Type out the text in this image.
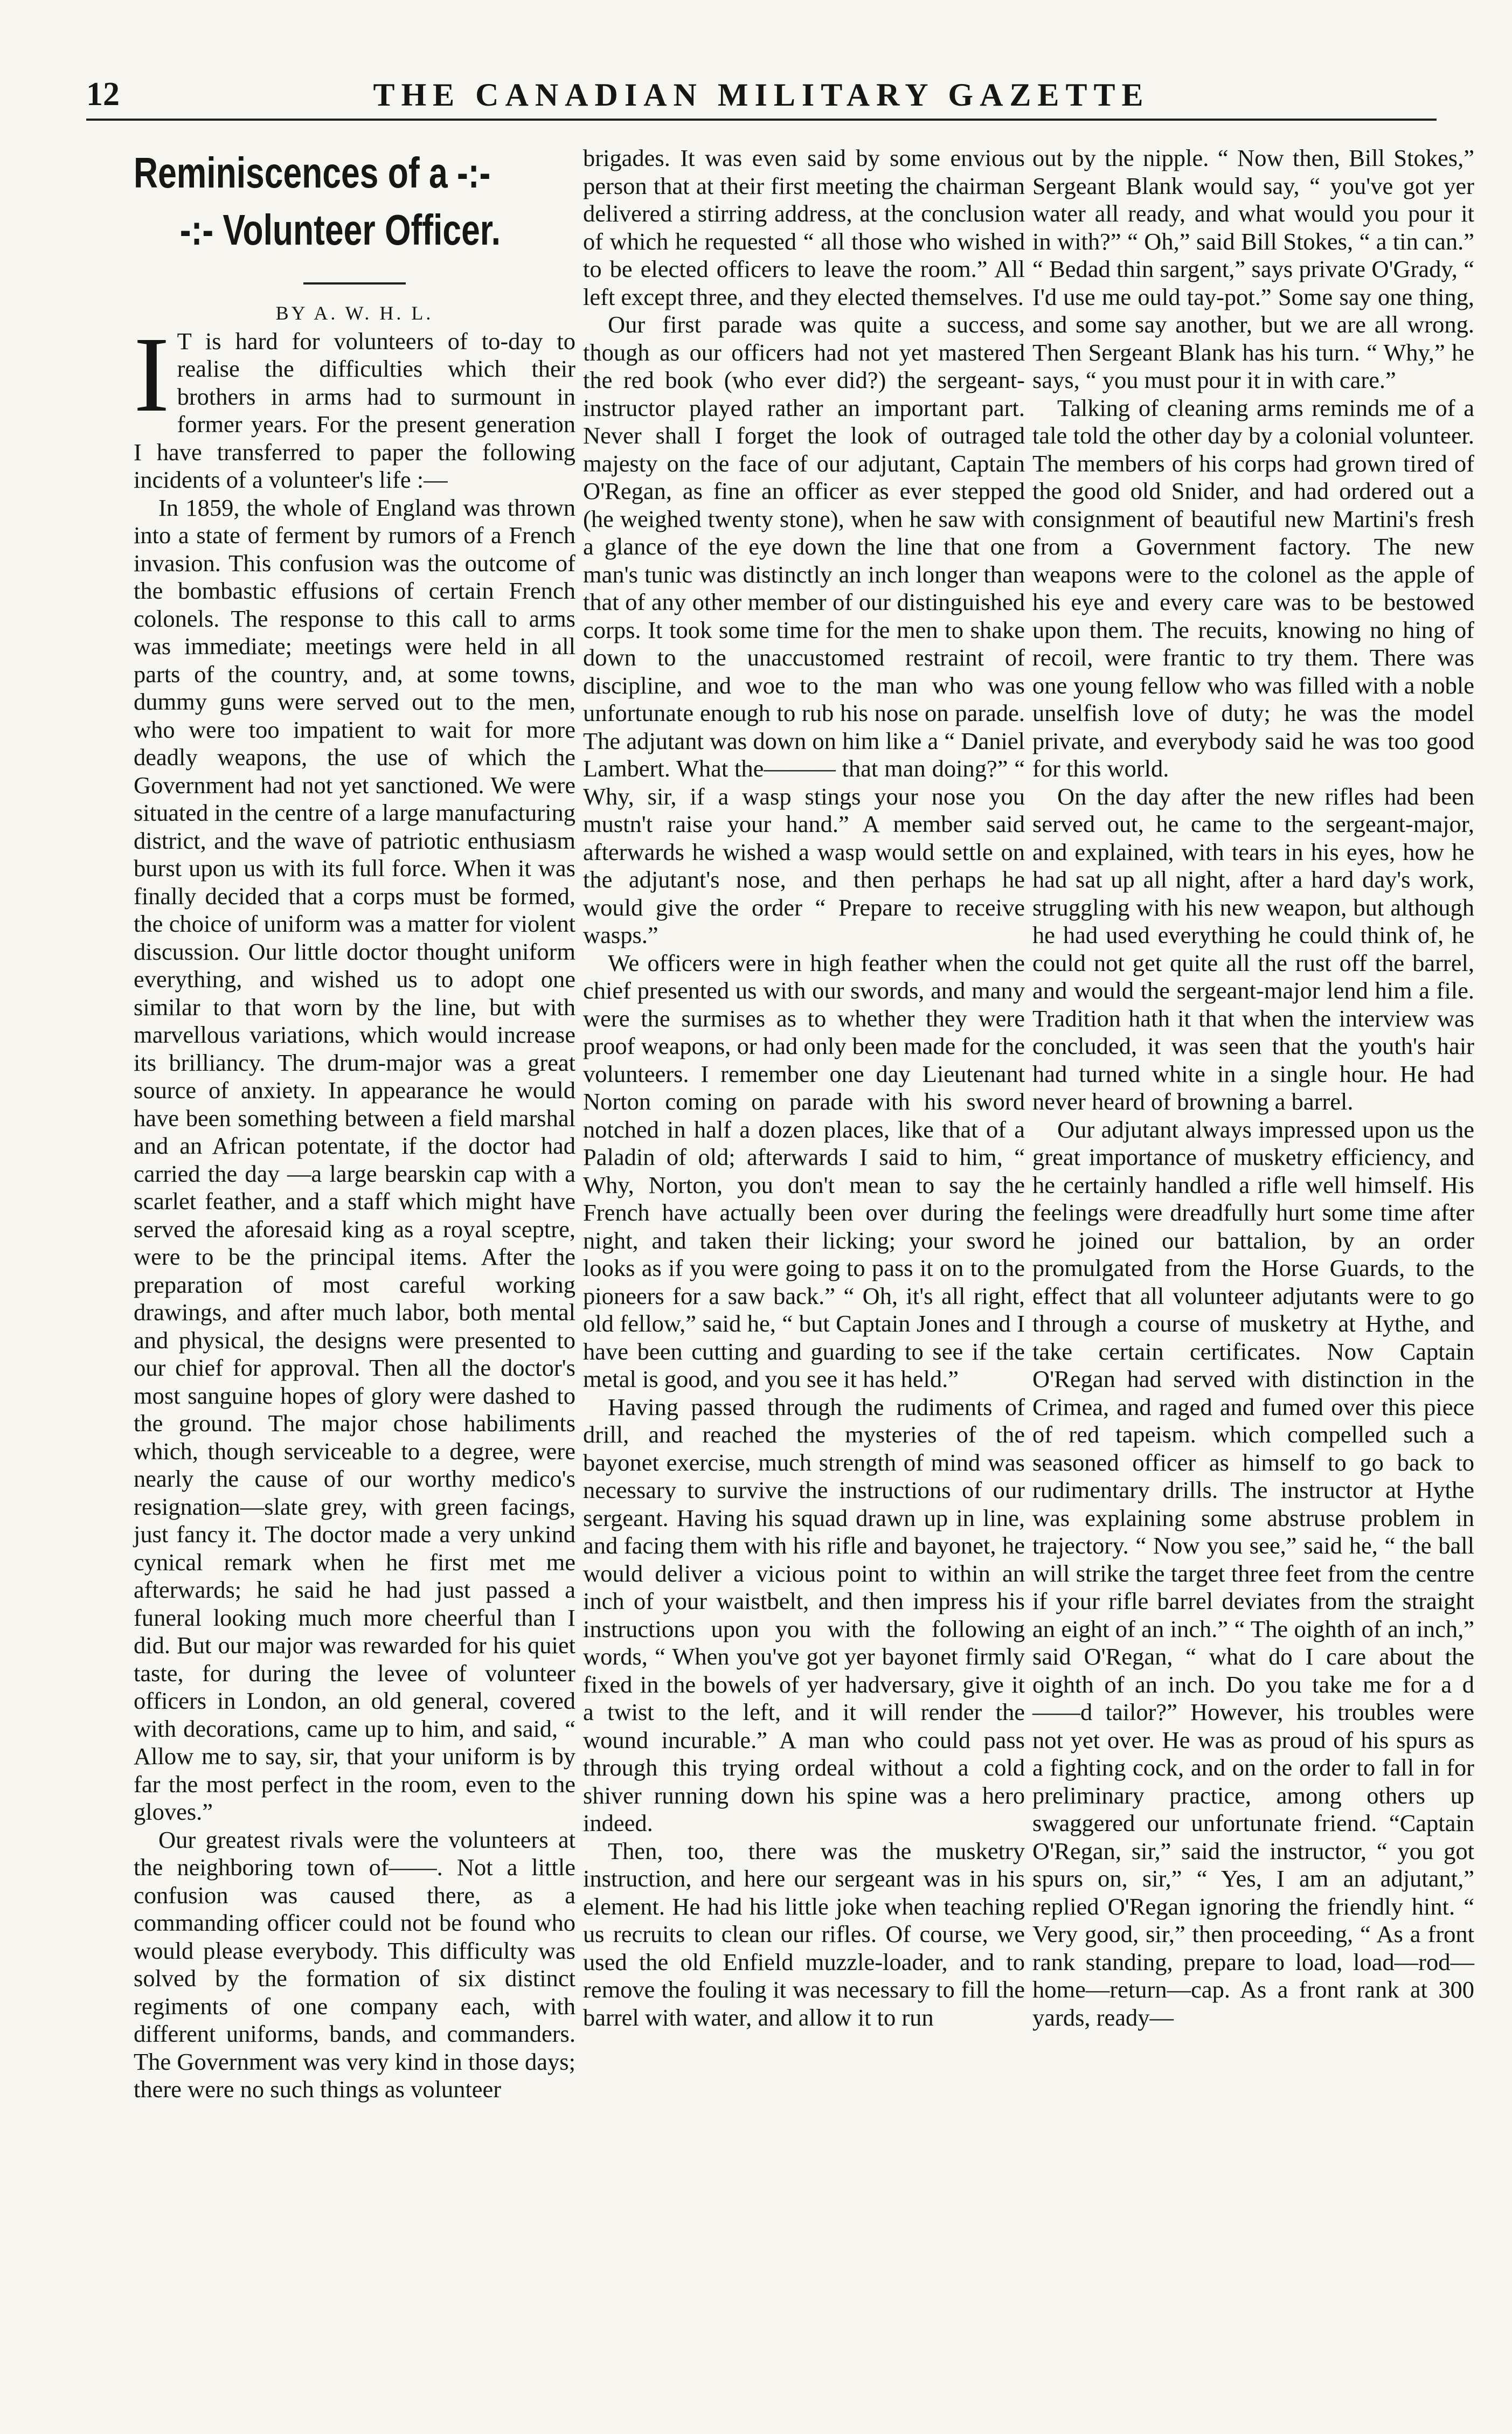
12	THE CANADIAN MILITARY GAZETTE
Reminiscences of a -:-
-:- Volunteer Officer.

BY A. W. H. L.

I T is hard for volunteers of to-day to realise the difficulties which their brothers in arms had to surmount in former years. For the present generation I have transferred to paper the following incidents of a volunteer's life :—

In 1859, the whole of England was thrown into a state of ferment by rumors of a French invasion. This confusion was the outcome of the bombastic effusions of certain French colonels. The response to this call to arms was immediate; meetings were held in all parts of the country, and, at some towns, dummy guns were served out to the men, who were too impatient to wait for more deadly weapons, the use of which the Government had not yet sanctioned. We were situated in the centre of a large manufacturing district, and the wave of patriotic enthusiasm burst upon us with its full force. When it was finally decided that a corps must be formed, the choice of uniform was a matter for violent discussion. Our little doctor thought uniform everything, and wished us to adopt one similar to that worn by the line, but with marvellous variations, which would increase its brilliancy. The drum-major was a great source of anxiety. In appearance he would have been something between a field marshal and an African potentate, if the doctor had carried the day —a large bearskin cap with a scarlet feather, and a staff which might have served the aforesaid king as a royal sceptre, were to be the principal items. After the preparation of most careful working drawings, and after much labor, both mental and physical, the designs were presented to our chief for approval. Then all the doctor's most sanguine hopes of glory were dashed to the ground. The major chose habiliments which, though serviceable to a degree, were nearly the cause of our worthy medico's resignation—slate grey, with green facings, just fancy it. The doctor made a very unkind cynical remark when he first met me afterwards; he said he had just passed a funeral looking much more cheerful than I did. But our major was rewarded for his quiet taste, for during the levee of volunteer officers in London, an old general, covered with decorations, came up to him, and said, “ Allow me to say, sir, that your uniform is by far the most perfect in the room, even to the gloves.”

Our greatest rivals were the volunteers at the neighboring town of——. Not a little confusion was caused there, as a commanding officer could not be found who would please everybody. This difficulty was solved by the formation of six distinct regiments of one company each, with different uniforms, bands, and commanders. The Government was very kind in those days; there were no such things as volunteer

brigades. It was even said by some envious person that at their first meeting the chairman delivered a stirring address, at the conclusion of which he requested “ all those who wished to be elected officers to leave the room.” All left except three, and they elected themselves.

Our first parade was quite a success, though as our officers had not yet mastered the red book (who ever did?) the sergeant-instructor played rather an important part. Never shall I forget the look of outraged majesty on the face of our adjutant, Captain O'Regan, as fine an officer as ever stepped (he weighed twenty stone), when he saw with a glance of the eye down the line that one man's tunic was distinctly an inch longer than that of any other member of our distinguished corps. It took some time for the men to shake down to the unaccustomed restraint of discipline, and woe to the man who was unfortunate enough to rub his nose on parade. The adjutant was down on him like a “ Daniel Lambert. What the——— that man doing?” “ Why, sir, if a wasp stings your nose you mustn't raise your hand.” A member said afterwards he wished a wasp would settle on the adjutant's nose, and then perhaps he would give the order “ Prepare to receive wasps.”

We officers were in high feather when the chief presented us with our swords, and many were the surmises as to whether they were proof weapons, or had only been made for the volunteers. I remember one day Lieutenant Norton coming on parade with his sword notched in half a dozen places, like that of a Paladin of old; afterwards I said to him, “ Why, Norton, you don't mean to say the French have actually been over during the night, and taken their licking; your sword looks as if you were going to pass it on to the pioneers for a saw back.” “ Oh, it's all right, old fellow,” said he, “ but Captain Jones and I have been cutting and guarding to see if the metal is good, and you see it has held.”

Having passed through the rudiments of drill, and reached the mysteries of the bayonet exercise, much strength of mind was necessary to survive the instructions of our sergeant. Having his squad drawn up in line, and facing them with his rifle and bayonet, he would deliver a vicious point to within an inch of your waistbelt, and then impress his instructions upon you with the following words, “ When you've got yer bayonet firmly fixed in the bowels of yer hadversary, give it a twist to the left, and it will render the wound incurable.” A man who could pass through this trying ordeal without a cold shiver running down his spine was a hero indeed.

Then, too, there was the musketry instruction, and here our sergeant was in his element. He had his little joke when teaching us recruits to clean our rifles. Of course, we used the old Enfield muzzle-loader, and to remove the fouling it was necessary to fill the barrel with water, and allow it to run

out by the nipple. “ Now then, Bill Stokes,” Sergeant Blank would say, “ you've got yer water all ready, and what would you pour it in with?” “ Oh,” said Bill Stokes, “ a tin can.” “ Bedad thin sargent,” says private O'Grady, “ I'd use me ould tay-pot.” Some say one thing, and some say another, but we are all wrong. Then Sergeant Blank has his turn. “ Why,” he says, “ you must pour it in with care.”

Talking of cleaning arms reminds me of a tale told the other day by a colonial volunteer. The members of his corps had grown tired of the good old Snider, and had ordered out a consignment of beautiful new Martini's fresh from a Government factory. The new weapons were to the colonel as the apple of his eye and every care was to be bestowed upon them. The recuits, knowing no hing of recoil, were frantic to try them. There was one young fellow who was filled with a noble unselfish love of duty; he was the model private, and everybody said he was too good for this world.

On the day after the new rifles had been served out, he came to the sergeant-major, and explained, with tears in his eyes, how he had sat up all night, after a hard day's work, struggling with his new weapon, but although he had used everything he could think of, he could not get quite all the rust off the barrel, and would the sergeant-major lend him a file. Tradition hath it that when the interview was concluded, it was seen that the youth's hair had turned white in a single hour. He had never heard of browning a barrel.

Our adjutant always impressed upon us the great importance of musketry efficiency, and he certainly handled a rifle well himself. His feelings were dreadfully hurt some time after he joined our battalion, by an order promulgated from the Horse Guards, to the effect that all volunteer adjutants were to go through a course of musketry at Hythe, and take certain certificates. Now Captain O'Regan had served with distinction in the Crimea, and raged and fumed over this piece of red tapeism. which compelled such a seasoned officer as himself to go back to rudimentary drills. The instructor at Hythe was explaining some abstruse problem in trajectory. “ Now you see,” said he, “ the ball will strike the target three feet from the centre if your rifle barrel deviates from the straight an eight of an inch.” “ The oighth of an inch,” said O'Regan, “ what do I care about the oighth of an inch. Do you take me for a d——d tailor?” However, his troubles were not yet over. He was as proud of his spurs as a fighting cock, and on the order to fall in for preliminary practice, among others up swaggered our unfortunate friend. “Captain O'Regan, sir,” said the instructor, “ you got spurs on, sir,” “ Yes, I am an adjutant,” replied O'Regan ignoring the friendly hint. “ Very good, sir,” then proceeding, “ As a front rank standing, prepare to load, load—rod—home—return—cap. As a front rank at 300 yards, ready—
